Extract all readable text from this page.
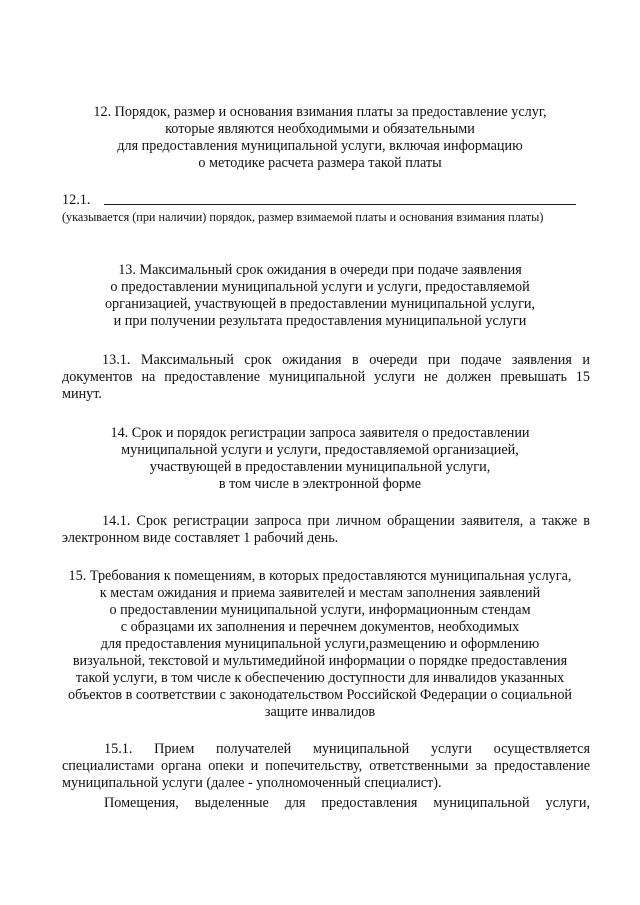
12. Порядок, размер и основания взимания платы за предоставление услуг,
которые являются необходимыми и обязательными
для предоставления муниципальной услуги, включая информацию
о методике расчета размера такой платы
12.1.
(указывается (при наличии) порядок, размер взимаемой платы и основания взимания платы)
13. Максимальный срок ожидания в очереди при подаче заявления
о предоставлении муниципальной услуги и услуги, предоставляемой
организацией, участвующей в предоставлении муниципальной услуги,
и при получении результата предоставления муниципальной услуги
13.1. Максимальный срок ожидания в очереди при подаче заявления и
документов на предоставление муниципальной услуги не должен превышать 15
минут.
14. Срок и порядок регистрации запроса заявителя о предоставлении
муниципальной услуги и услуги, предоставляемой организацией,
участвующей в предоставлении муниципальной услуги,
в том числе в электронной форме
14.1. Срок регистрации запроса при личном обращении заявителя, а также в
электронном виде составляет 1 рабочий день.
15. Требования к помещениям, в которых предоставляются муниципальная услуга,
к местам ожидания и приема заявителей и местам заполнения заявлений
о предоставлении муниципальной услуги, информационным стендам
с образцами их заполнения и перечнем документов, необходимых
для предоставления муниципальной услуги,размещению и оформлению
визуальной, текстовой и мультимедийной информации о порядке предоставления
такой услуги, в том числе к обеспечению доступности для инвалидов указанных
объектов в соответствии с законодательством Российской Федерации о социальной
защите инвалидов
15.1. Прием получателей муниципальной услуги осуществляется
специалистами органа опеки и попечительству, ответственными за предоставление
муниципальной услуги (далее - уполномоченный специалист).
Помещения, выделенные для предоставления муниципальной услуги,
